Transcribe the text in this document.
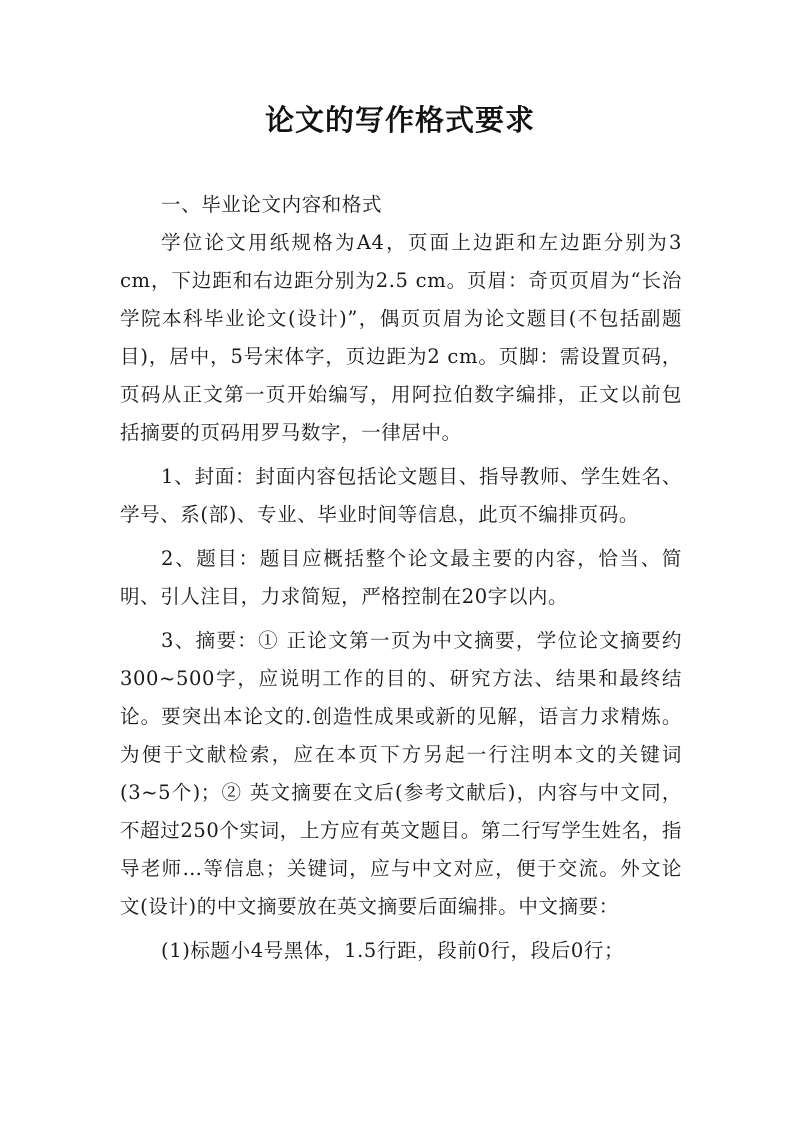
论文的写作格式要求

一、毕业论文内容和格式

学位论文用纸规格为A4，页面上边距和左边距分别为3 cm，下边距和右边距分别为2.5 cm。页眉：奇页页眉为“长治学院本科毕业论文(设计)”，偶页页眉为论文题目(不包括副题目)，居中，5号宋体字，页边距为2 cm。页脚：需设置页码，页码从正文第一页开始编写，用阿拉伯数字编排，正文以前包括摘要的页码用罗马数字，一律居中。

1、封面：封面内容包括论文题目、指导教师、学生姓名、学号、系(部)、专业、毕业时间等信息，此页不编排页码。

2、题目：题目应概括整个论文最主要的内容，恰当、简明、引人注目，力求简短，严格控制在20字以内。

3、摘要：① 正论文第一页为中文摘要，学位论文摘要约300~500字，应说明工作的目的、研究方法、结果和最终结论。要突出本论文的.创造性成果或新的见解，语言力求精炼。为便于文献检索，应在本页下方另起一行注明本文的关键词(3~5个)；② 英文摘要在文后(参考文献后)，内容与中文同，不超过250个实词，上方应有英文题目。第二行写学生姓名，指导老师…等信息；关键词，应与中文对应，便于交流。外文论文(设计)的中文摘要放在英文摘要后面编排。中文摘要：

(1)标题小4号黑体，1.5行距，段前0行，段后0行；
